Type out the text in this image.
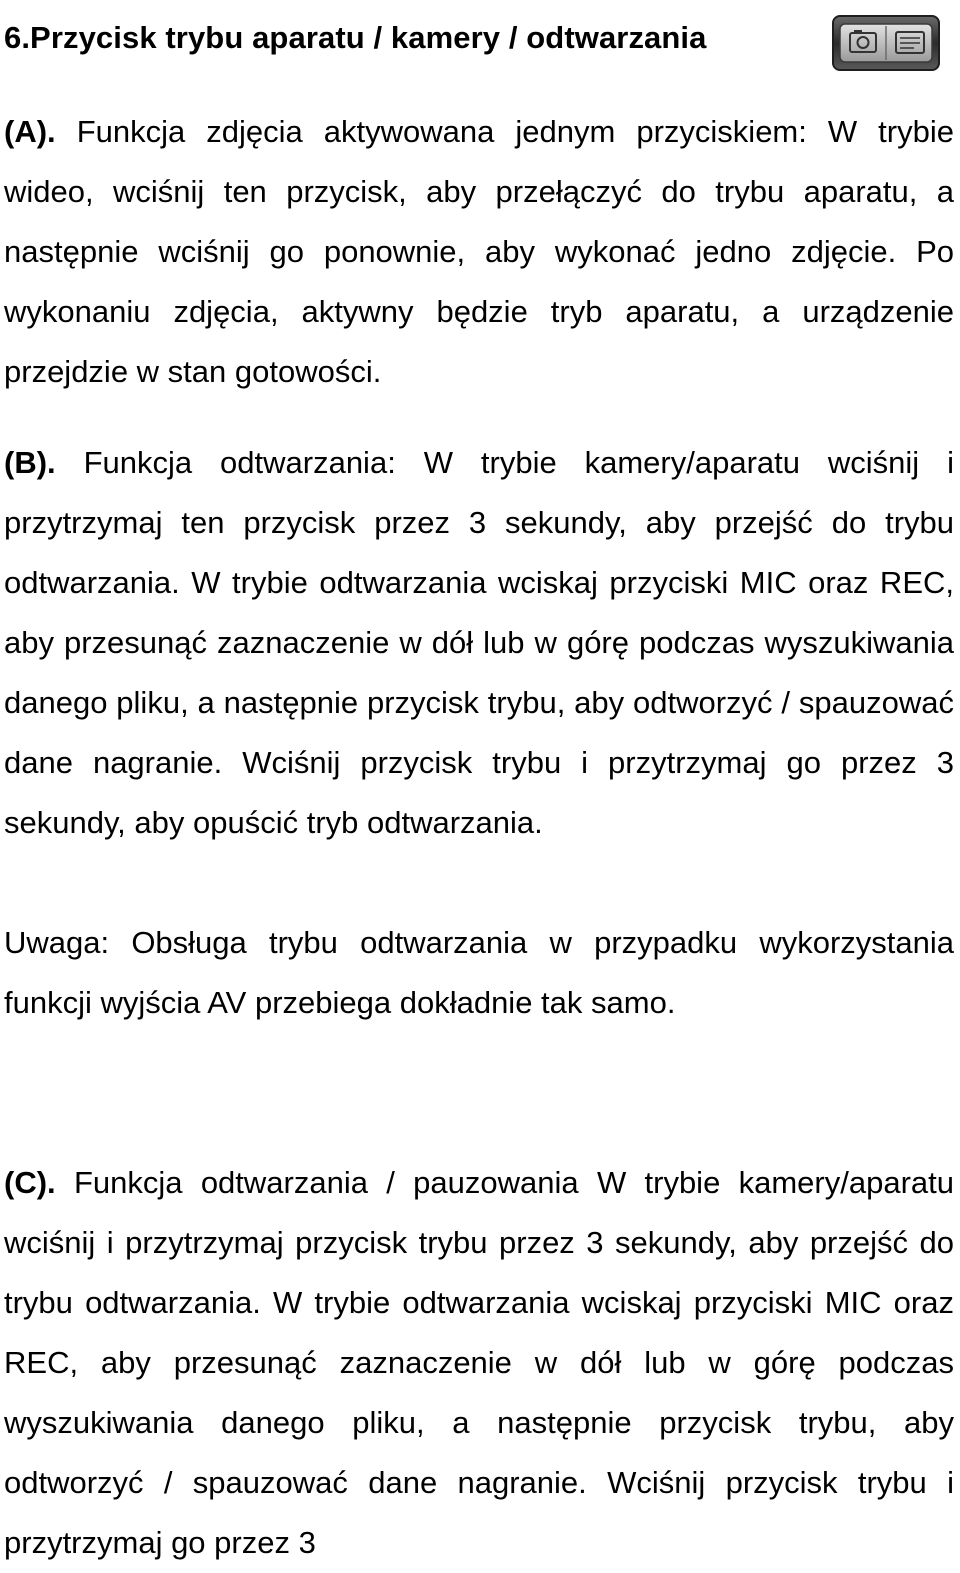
6.Przycisk trybu aparatu / kamery / odtwarzania

(A). Funkcja zdjęcia aktywowana jednym przyciskiem: W trybie wideo, wciśnij ten przycisk, aby przełączyć do trybu aparatu, a następnie wciśnij go ponownie, aby wykonać jedno zdjęcie. Po wykonaniu zdjęcia, aktywny będzie tryb aparatu, a urządzenie przejdzie w stan gotowości.

(B). Funkcja odtwarzania: W trybie kamery/aparatu wciśnij i przytrzymaj ten przycisk przez 3 sekundy, aby przejść do trybu odtwarzania. W trybie odtwarzania wciskaj przyciski MIC oraz REC, aby przesunąć zaznaczenie w dół lub w górę podczas wyszukiwania danego pliku, a następnie przycisk trybu, aby odtworzyć / spauzować dane nagranie. Wciśnij przycisk trybu i przytrzymaj go przez 3 sekundy, aby opuścić tryb odtwarzania.

Uwaga: Obsługa trybu odtwarzania w przypadku wykorzystania funkcji wyjścia AV przebiega dokładnie tak samo.

(C). Funkcja odtwarzania / pauzowania W trybie kamery/aparatu wciśnij i przytrzymaj przycisk trybu przez 3 sekundy, aby przejść do trybu odtwarzania. W trybie odtwarzania wciskaj przyciski MIC oraz REC, aby przesunąć zaznaczenie w dół lub w górę podczas wyszukiwania danego pliku, a następnie przycisk trybu, aby odtworzyć / spauzować dane nagranie. Wciśnij przycisk trybu i przytrzymaj go przez 3
